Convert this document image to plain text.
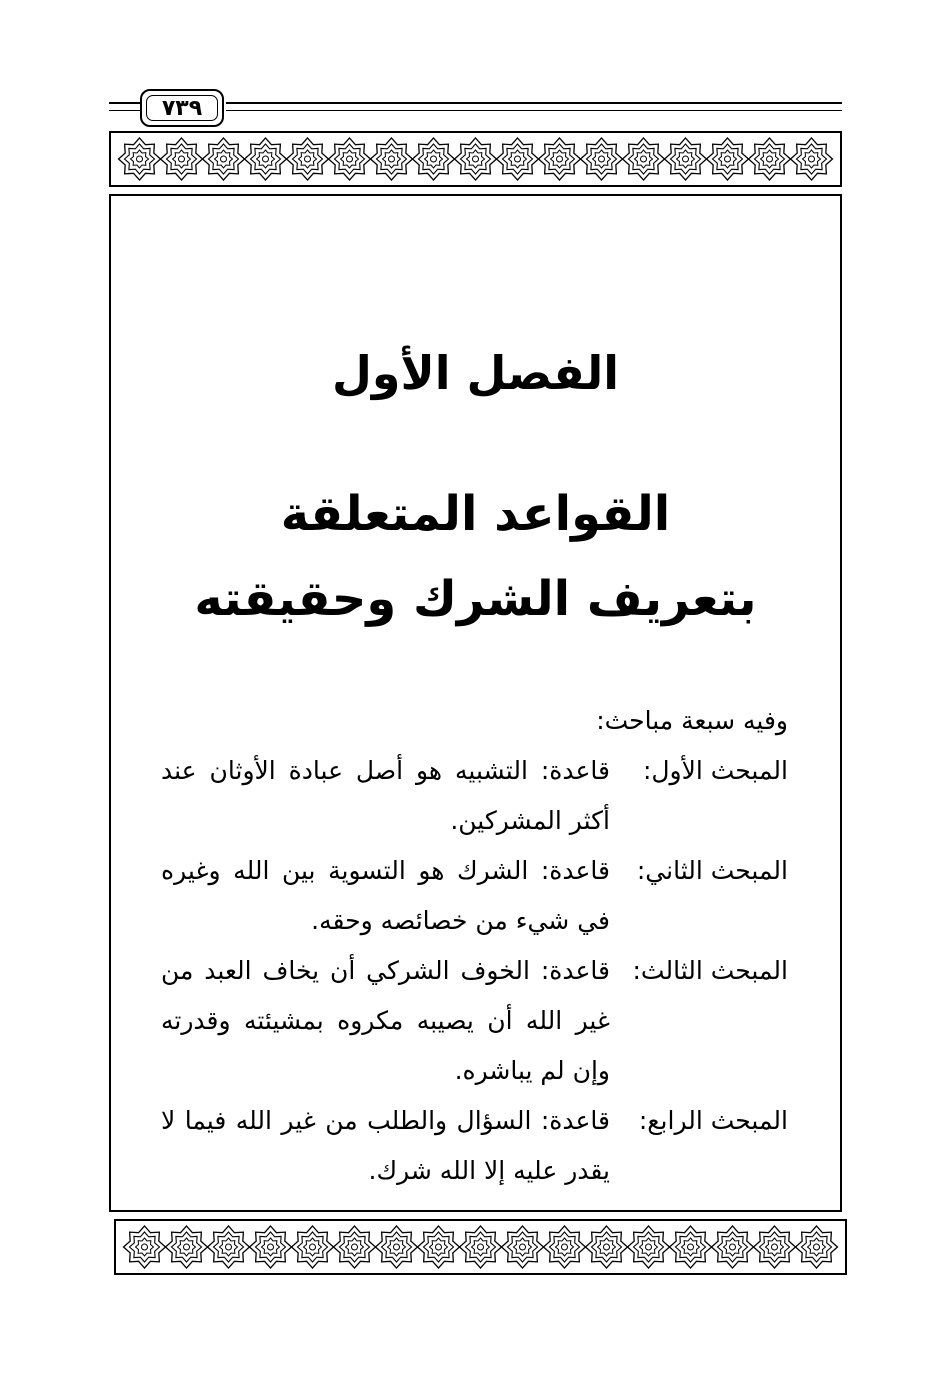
٧٣٩
الفصل الأول
القواعد المتعلقة
بتعريف الشرك وحقيقته

وفيه سبعة مباحث:

المبحث الأول:
قاعدة: التشبيه هو أصل عبادة الأوثان عند أكثر المشركين.
المبحث الثاني:
قاعدة: الشرك هو التسوية بين الله وغيره في شيء من خصائصه وحقه.
المبحث الثالث:
قاعدة: الخوف الشركي أن يخاف العبد من غير الله أن يصيبه مكروه بمشيئته وقدرته وإن لم يباشره.
المبحث الرابع:
قاعدة: السؤال والطلب من غير الله فيما لا يقدر عليه إلا الله شرك.
